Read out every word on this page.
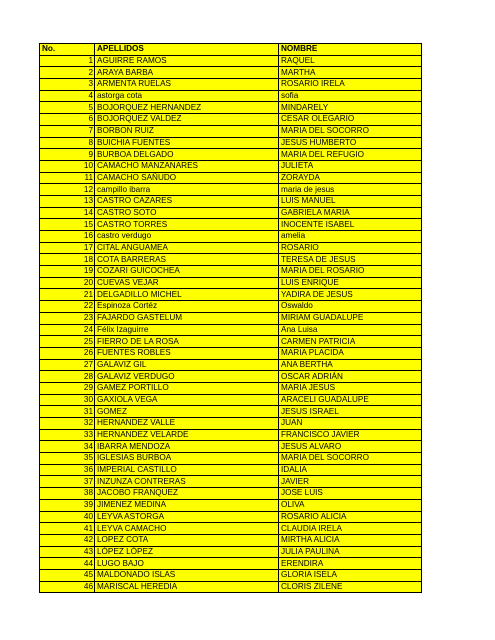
No.	APELLIDOS	NOMBRE
1	AGUIRRE RAMOS	RAQUEL
2	ARAYA BARBA	MARTHA
3	ARMENTA RUELAS	ROSARIO IRELA
4	astorga cota	sofia
5	BOJORQUEZ HERNANDEZ	MINDARELY
6	BOJORQUEZ VALDEZ	CESAR OLEGARIO
7	BORBON RUIZ	MARIA DEL SOCORRO
8	BUICHIA FUENTES	JESUS HUMBERTO
9	BURBOA DELGADO	MARIA DEL REFUGIO
10	CAMACHO MANZANARES	JULIETA
11	CAMACHO SAÑUDO	ZORAYDA
12	campillo ibarra	maria de jesus
13	CASTRO CAZARES	LUIS MANUEL
14	CASTRO SOTO	GABRIELA MARIA
15	CASTRO TORRES	INOCENTE ISABEL
16	castro verdugo	amelia
17	CITAL ANGUAMEA	ROSARIO
18	COTA BARRERAS	TERESA DE JESUS
19	COZARI GUICOCHEA	MARIA DEL ROSARIO
20	CUEVAS VEJAR	LUIS ENRIQUE
21	DELGADILLO MICHEL	YADIRA DE JESUS
22	Espinoza Cortéz	Oswaldo
23	FAJARDO GASTELUM	MIRIAM GUADALUPE
24	Félix Izaguirre	Ana Luisa
25	FIERRO DE LA ROSA	CARMEN PATRICIA
26	FUENTES ROBLES	MARIA PLACIDA
27	GALAVIZ GIL	ANA BERTHA
28	GALAVIZ VERDUGO	OSCAR ADRIÁN
29	GAMEZ PORTILLO	MARIA JESUS
30	GAXIOLA VEGA	ARACELI GUADALUPE
31	GOMEZ	JESUS ISRAEL
32	HERNANDEZ VALLE	JUAN
33	HERNANDEZ VELARDE	FRANCISCO JAVIER
34	IBARRA MENDOZA	JESUS ALVARO
35	IGLESIAS BURBOA	MARIA DEL SOCORRO
36	IMPERIAL CASTILLO	IDALIA
37	INZUNZA CONTRERAS	JAVIER
38	JACOBO FRANQUEZ	JOSE LUIS
39	JIMENEZ MEDINA	OLIVA
40	LEYVA ASTORGA	ROSARIO ALICIA
41	LEYVA CAMACHO	CLAUDIA IRELA
42	LOPEZ COTA	MIRTHA ALICIA
43	LÓPEZ LÓPEZ	JULIA PAULINA
44	LUGO BAJO	ERENDIRA
45	MALDONADO ISLAS	GLORIA ISELA
46	MARISCAL HEREDIA	CLORIS ZILENE
